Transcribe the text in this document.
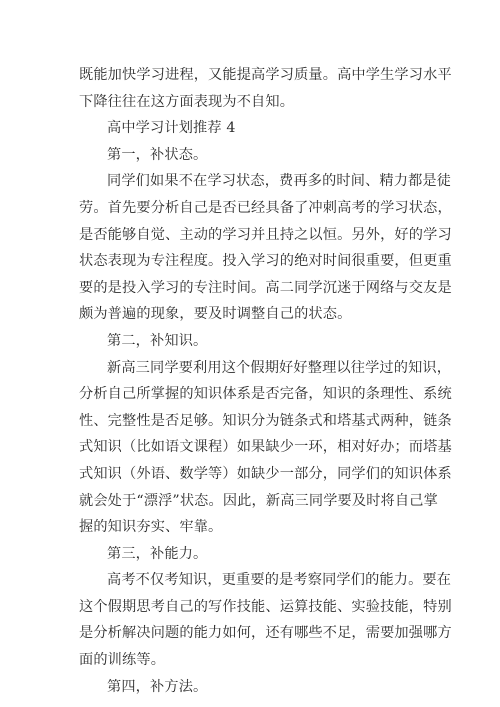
既能加快学习进程，又能提高学习质量。高中学生学习水平
下降往往在这方面表现为不自知。
高中学习计划推荐 4
第一，补状态。
同学们如果不在学习状态，费再多的时间、精力都是徒
劳。首先要分析自己是否已经具备了冲刺高考的学习状态，
是否能够自觉、主动的学习并且持之以恒。另外，好的学习
状态表现为专注程度。投入学习的绝对时间很重要，但更重
要的是投入学习的专注时间。高二同学沉迷于网络与交友是
颇为普遍的现象，要及时调整自己的状态。
第二，补知识。
新高三同学要利用这个假期好好整理以往学过的知识，
分析自己所掌握的知识体系是否完备，知识的条理性、系统
性、完整性是否足够。知识分为链条式和塔基式两种，链条
式知识（比如语文课程）如果缺少一环，相对好办；而塔基
式知识（外语、数学等）如缺少一部分，同学们的知识体系
就会处于“漂浮”状态。因此，新高三同学要及时将自己掌
握的知识夯实、牢靠。
第三，补能力。
高考不仅考知识，更重要的是考察同学们的能力。要在
这个假期思考自己的写作技能、运算技能、实验技能，特别
是分析解决问题的能力如何，还有哪些不足，需要加强哪方
面的训练等。
第四，补方法。
